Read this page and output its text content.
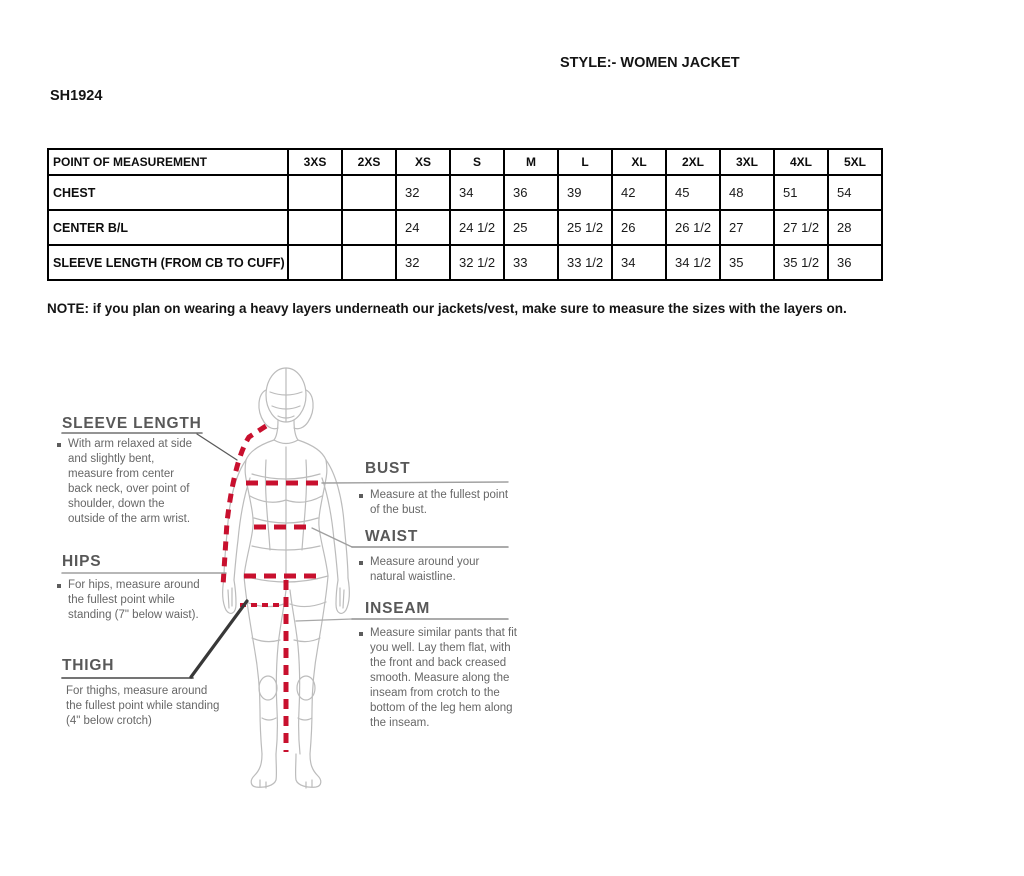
STYLE:- WOMEN JACKET
SH1924
POINT OF MEASUREMENT	3XS	2XS	XS	S	M	L	XL	2XL	3XL	4XL	5XL
CHEST			32	34	36	39	42	45	48	51	54
CENTER B/L			24	24 1/2	25	25 1/2	26	26 1/2	27	27 1/2	28
SLEEVE LENGTH (FROM CB TO CUFF)			32	32 1/2	33	33 1/2	34	34 1/2	35	35 1/2	36
NOTE: if you plan on wearing a heavy layers underneath our jackets/vest, make sure to measure the sizes with the layers on.
SLEEVE LENGTH
With arm relaxed at side and slightly bent, measure from center back neck, over point of shoulder, down the outside of the arm wrist.
HIPS
For hips, measure around the fullest point while standing (7" below waist).
THIGH
For thighs, measure around the fullest point while standing (4" below crotch)
BUST
Measure at the fullest point of the bust.
WAIST
Measure around your natural waistline.
INSEAM
Measure similar pants that fit you well. Lay them flat, with the front and back creased smooth. Measure along the inseam from crotch to the bottom of the leg hem along the inseam.
